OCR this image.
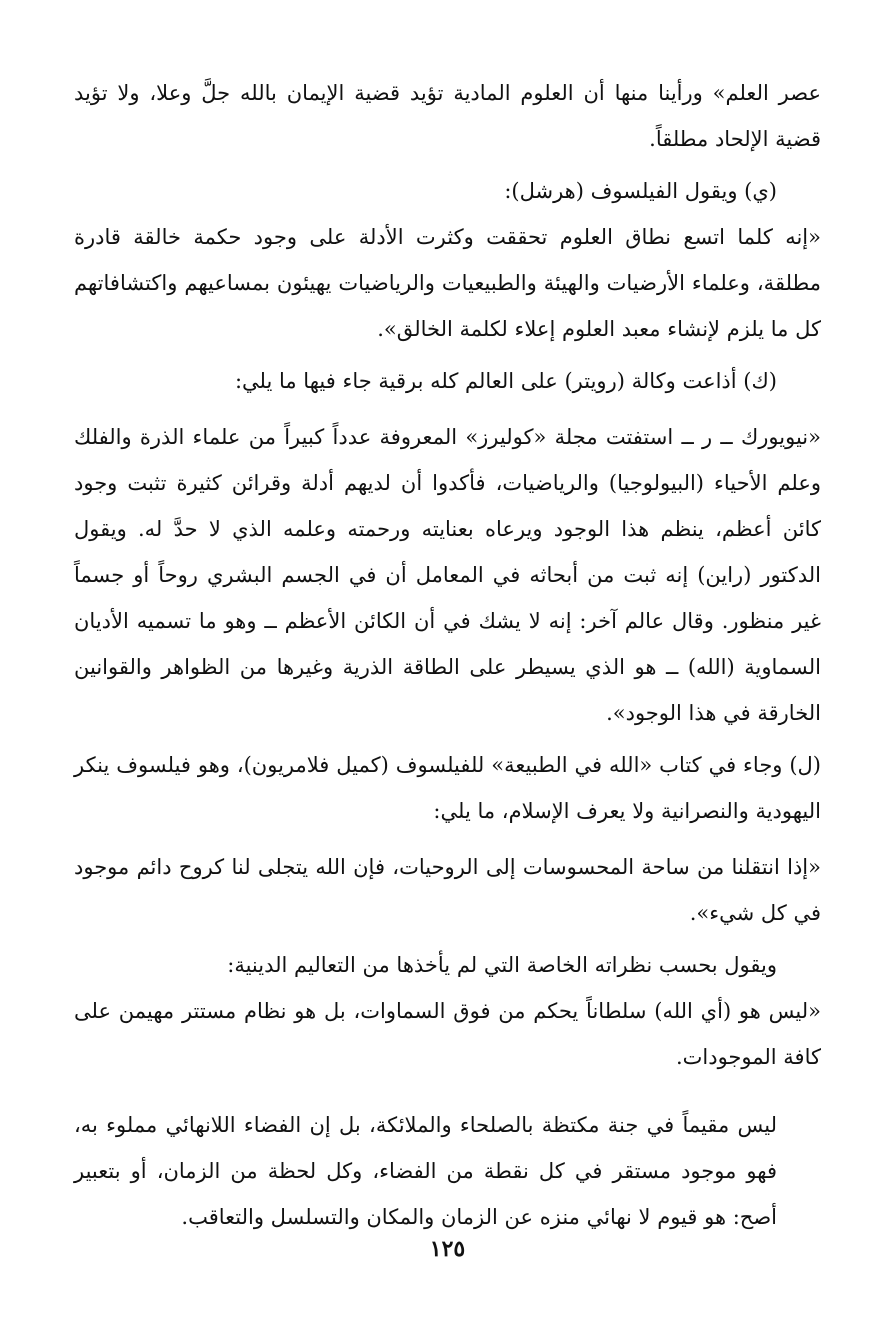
عصر العلم» ورأينا منها أن العلوم المادية تؤيد قضية الإيمان بالله جلَّ وعلا، ولا تؤيد قضية الإلحاد مطلقاً.

(ي) ويقول الفيلسوف (هرشل):

«إنه كلما اتسع نطاق العلوم تحققت وكثرت الأدلة على وجود حكمة خالقة قادرة مطلقة، وعلماء الأرضيات والهيئة والطبيعيات والرياضيات يهيئون بمساعيهم واكتشافاتهم كل ما يلزم لإنشاء معبد العلوم إعلاء لكلمة الخالق».

(ك) أذاعت وكالة (رويتر) على العالم كله برقية جاء فيها ما يلي:

«نيويورك ــ ر ــ استفتت مجلة «كوليرز» المعروفة عدداً كبيراً من علماء الذرة والفلك وعلم الأحياء (البيولوجيا) والرياضيات، فأكدوا أن لديهم أدلة وقرائن كثيرة تثبت وجود كائن أعظم، ينظم هذا الوجود ويرعاه بعنايته ورحمته وعلمه الذي لا حدَّ له. ويقول الدكتور (راين) إنه ثبت من أبحاثه في المعامل أن في الجسم البشري روحاً أو جسماً غير منظور. وقال عالم آخر: إنه لا يشك في أن الكائن الأعظم ــ وهو ما تسميه الأديان السماوية (الله) ــ هو الذي يسيطر على الطاقة الذرية وغيرها من الظواهر والقوانين الخارقة في هذا الوجود».

(ل) وجاء في كتاب «الله في الطبيعة» للفيلسوف (كميل فلامريون)، وهو فيلسوف ينكر اليهودية والنصرانية ولا يعرف الإسلام، ما يلي:

«إذا انتقلنا من ساحة المحسوسات إلى الروحيات، فإن الله يتجلى لنا كروح دائم موجود في كل شيء».

ويقول بحسب نظراته الخاصة التي لم يأخذها من التعاليم الدينية:

«ليس هو (أي الله) سلطاناً يحكم من فوق السماوات، بل هو نظام مستتر مهيمن على كافة الموجودات.

ليس مقيماً في جنة مكتظة بالصلحاء والملائكة، بل إن الفضاء اللانهائي مملوء به، فهو موجود مستقر في كل نقطة من الفضاء، وكل لحظة من الزمان، أو بتعبير أصح: هو قيوم لا نهائي منزه عن الزمان والمكان والتسلسل والتعاقب.

١٢٥
